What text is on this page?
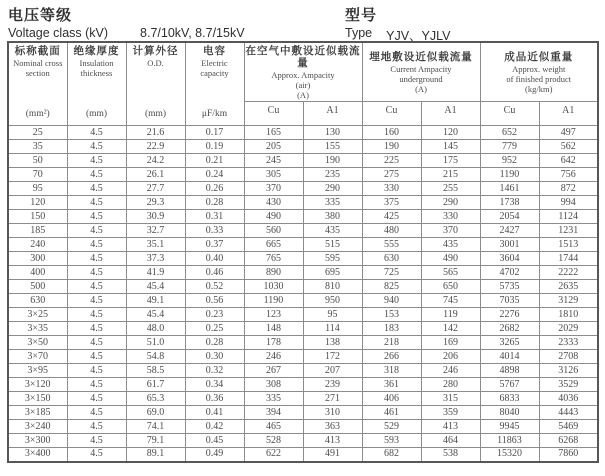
电压等级
Voltage class (kV)	8.7/10kV, 8.7/15kV
型号
Type YJV、YJLV
标称截面
Nominal cross section
(mm²)

绝缘厚度
Insulation thickness
(mm)

计算外径
O.D.
(mm)

电容
Electric capacity
μF/km

在空气中敷设近似载流量
Approx. Ampacity
(air)
(A)

埋地敷设近似载流量
Current Ampacity
underground
(A)

成品近似重量
Approx. weight
of finished product
(kg/km)

				Cu	A1	Cu	A1	Cu	A1
25	4.5	21.6	0.17	165	130	160	120	652	497
35	4.5	22.9	0.19	205	155	190	145	779	562
50	4.5	24.2	0.21	245	190	225	175	952	642
70	4.5	26.1	0.24	305	235	275	215	1190	756
95	4.5	27.7	0.26	370	290	330	255	1461	872
120	4.5	29.3	0.28	430	335	375	290	1738	994
150	4.5	30.9	0.31	490	380	425	330	2054	1124
185	4.5	32.7	0.33	560	435	480	370	2427	1231
240	4.5	35.1	0.37	665	515	555	435	3001	1513
300	4.5	37.3	0.40	765	595	630	490	3604	1744
400	4.5	41.9	0.46	890	695	725	565	4702	2222
500	4.5	45.4	0.52	1030	810	825	650	5735	2635
630	4.5	49.1	0.56	1190	950	940	745	7035	3129
3×25	4.5	45.4	0.23	123	95	153	119	2276	1810
3×35	4.5	48.0	0.25	148	114	183	142	2682	2029
3×50	4.5	51.0	0.28	178	138	218	169	3265	2333
3×70	4.5	54.8	0.30	246	172	266	206	4014	2708
3×95	4.5	58.5	0.32	267	207	318	246	4898	3126
3×120	4.5	61.7	0.34	308	239	361	280	5767	3529
3×150	4.5	65.3	0.36	335	271	406	315	6833	4036
3×185	4.5	69.0	0.41	394	310	461	359	8040	4443
3×240	4.5	74.1	0.42	465	363	529	413	9945	5469
3×300	4.5	79.1	0.45	528	413	593	464	11863	6268
3×400	4.5	89.1	0.49	622	491	682	538	15320	7860
